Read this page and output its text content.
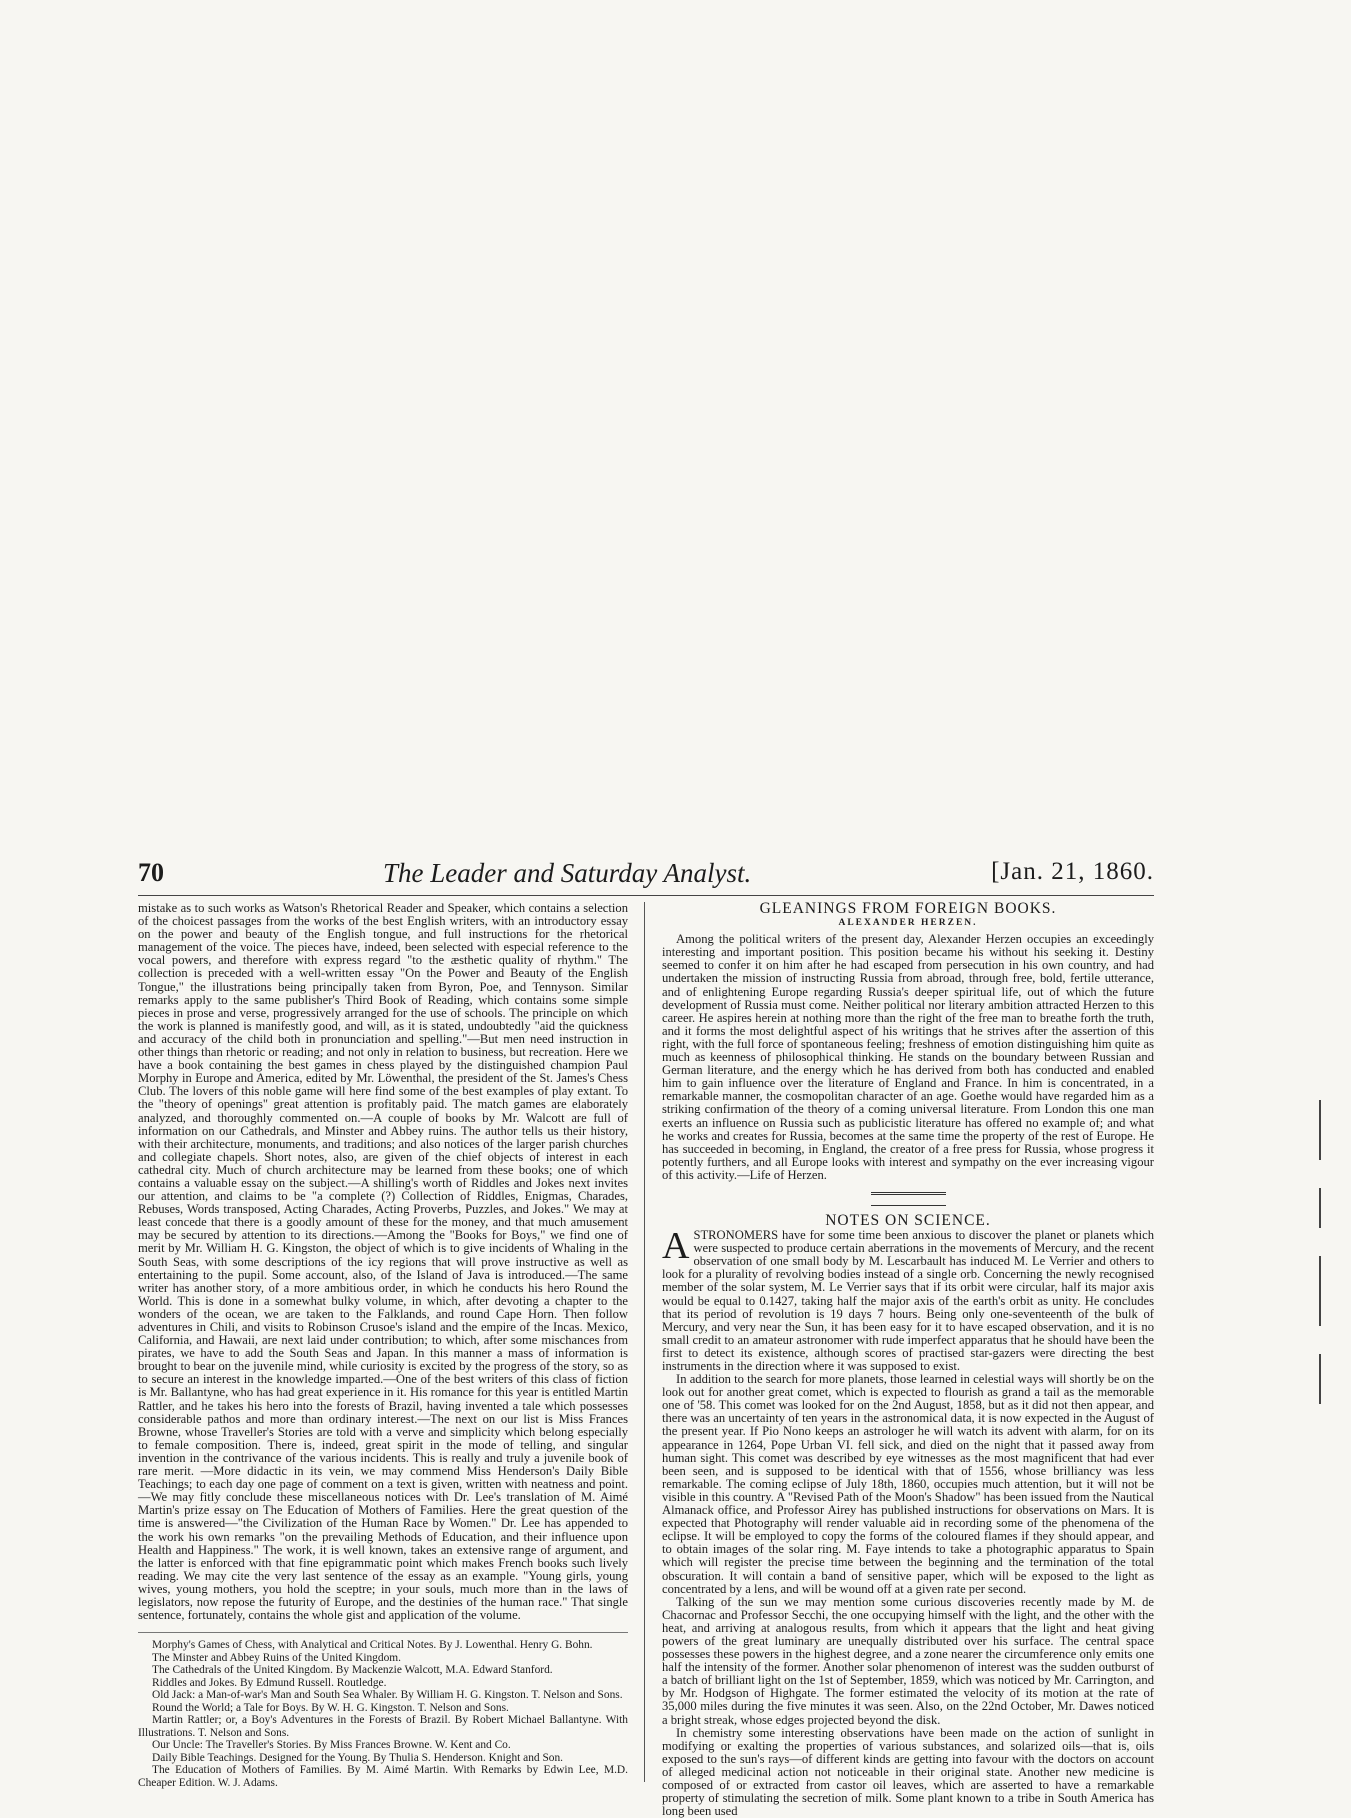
70	The Leader and Saturday Analyst.	[Jan. 21, 1860.

mistake as to such works as Watson's Rhetorical Reader and Speaker, which contains a selection of the choicest passages from the works of the best English writers, with an introductory essay on the power and beauty of the English tongue, and full instructions for the rhetorical management of the voice. The pieces have, indeed, been selected with especial reference to the vocal powers, and therefore with express regard "to the æsthetic quality of rhythm." The collection is preceded with a well-written essay "On the Power and Beauty of the English Tongue," the illustrations being principally taken from Byron, Poe, and Tennyson. Similar remarks apply to the same publisher's Third Book of Reading, which contains some simple pieces in prose and verse, progressively arranged for the use of schools. The principle on which the work is planned is manifestly good, and will, as it is stated, undoubtedly "aid the quickness and accuracy of the child both in pronunciation and spelling."—But men need instruction in other things than rhetoric or reading; and not only in relation to business, but recreation. Here we have a book containing the best games in chess played by the distinguished champion Paul Morphy in Europe and America, edited by Mr. Löwenthal, the president of the St. James's Chess Club. The lovers of this noble game will here find some of the best examples of play extant. To the "theory of openings" great attention is profitably paid. The match games are elaborately analyzed, and thoroughly commented on.—A couple of books by Mr. Walcott are full of information on our Cathedrals, and Minster and Abbey ruins. The author tells us their history, with their architecture, monuments, and traditions; and also notices of the larger parish churches and collegiate chapels. Short notes, also, are given of the chief objects of interest in each cathedral city. Much of church architecture may be learned from these books; one of which contains a valuable essay on the subject.—A shilling's worth of Riddles and Jokes next invites our attention, and claims to be "a complete (?) Collection of Riddles, Enigmas, Charades, Rebuses, Words transposed, Acting Charades, Acting Proverbs, Puzzles, and Jokes." We may at least concede that there is a goodly amount of these for the money, and that much amusement may be secured by attention to its directions.—Among the "Books for Boys," we find one of merit by Mr. William H. G. Kingston, the object of which is to give incidents of Whaling in the South Seas, with some descriptions of the icy regions that will prove instructive as well as entertaining to the pupil. Some account, also, of the Island of Java is introduced.—The same writer has another story, of a more ambitious order, in which he conducts his hero Round the World. This is done in a somewhat bulky volume, in which, after devoting a chapter to the wonders of the ocean, we are taken to the Falklands, and round Cape Horn. Then follow adventures in Chili, and visits to Robinson Crusoe's island and the empire of the Incas. Mexico, California, and Hawaii, are next laid under contribution; to which, after some mischances from pirates, we have to add the South Seas and Japan. In this manner a mass of information is brought to bear on the juvenile mind, while curiosity is excited by the progress of the story, so as to secure an interest in the knowledge imparted.—One of the best writers of this class of fiction is Mr. Ballantyne, who has had great experience in it. His romance for this year is entitled Martin Rattler, and he takes his hero into the forests of Brazil, having invented a tale which possesses considerable pathos and more than ordinary interest.—The next on our list is Miss Frances Browne, whose Traveller's Stories are told with a verve and simplicity which belong especially to female composition. There is, indeed, great spirit in the mode of telling, and singular invention in the contrivance of the various incidents. This is really and truly a juvenile book of rare merit. —More didactic in its vein, we may commend Miss Henderson's Daily Bible Teachings; to each day one page of comment on a text is given, written with neatness and point.—We may fitly conclude these miscellaneous notices with Dr. Lee's translation of M. Aimé Martin's prize essay on The Education of Mothers of Families. Here the great question of the time is answered—"the Civilization of the Human Race by Women." Dr. Lee has appended to the work his own remarks "on the prevailing Methods of Education, and their influence upon Health and Happiness." The work, it is well known, takes an extensive range of argument, and the latter is enforced with that fine epigrammatic point which makes French books such lively reading. We may cite the very last sentence of the essay as an example. "Young girls, young wives, young mothers, you hold the sceptre; in your souls, much more than in the laws of legislators, now repose the futurity of Europe, and the destinies of the human race." That single sentence, fortunately, contains the whole gist and application of the volume.

Morphy's Games of Chess, with Analytical and Critical Notes. By J. Lowenthal. Henry G. Bohn.
The Minster and Abbey Ruins of the United Kingdom.
The Cathedrals of the United Kingdom. By Mackenzie Walcott, M.A. Edward Stanford.
Riddles and Jokes. By Edmund Russell. Routledge.
Old Jack: a Man-of-war's Man and South Sea Whaler. By William H. G. Kingston. T. Nelson and Sons.
Round the World; a Tale for Boys. By W. H. G. Kingston. T. Nelson and Sons.
Martin Rattler; or, a Boy's Adventures in the Forests of Brazil. By Robert Michael Ballantyne. With Illustrations. T. Nelson and Sons.
Our Uncle: The Traveller's Stories. By Miss Frances Browne. W. Kent and Co.
Daily Bible Teachings. Designed for the Young. By Thulia S. Henderson. Knight and Son.
The Education of Mothers of Families. By M. Aimé Martin. With Remarks by Edwin Lee, M.D. Cheaper Edition. W. J. Adams.
GLEANINGS FROM FOREIGN BOOKS.
ALEXANDER HERZEN.

Among the political writers of the present day, Alexander Herzen occupies an exceedingly interesting and important position. This position became his without his seeking it. Destiny seemed to confer it on him after he had escaped from persecution in his own country, and had undertaken the mission of instructing Russia from abroad, through free, bold, fertile utterance, and of enlightening Europe regarding Russia's deeper spiritual life, out of which the future development of Russia must come. Neither political nor literary ambition attracted Herzen to this career. He aspires herein at nothing more than the right of the free man to breathe forth the truth, and it forms the most delightful aspect of his writings that he strives after the assertion of this right, with the full force of spontaneous feeling; freshness of emotion distinguishing him quite as much as keenness of philosophical thinking. He stands on the boundary between Russian and German literature, and the energy which he has derived from both has conducted and enabled him to gain influence over the literature of England and France. In him is concentrated, in a remarkable manner, the cosmopolitan character of an age. Goethe would have regarded him as a striking confirmation of the theory of a coming universal literature. From London this one man exerts an influence on Russia such as publicistic literature has offered no example of; and what he works and creates for Russia, becomes at the same time the property of the rest of Europe. He has succeeded in becoming, in England, the creator of a free press for Russia, whose progress it potently furthers, and all Europe looks with interest and sympathy on the ever increasing vigour of this activity.—Life of Herzen.

NOTES ON SCIENCE.

ASTRONOMERS have for some time been anxious to discover the planet or planets which were suspected to produce certain aberrations in the movements of Mercury, and the recent observation of one small body by M. Lescarbault has induced M. Le Verrier and others to look for a plurality of revolving bodies instead of a single orb. Concerning the newly recognised member of the solar system, M. Le Verrier says that if its orbit were circular, half its major axis would be equal to 0.1427, taking half the major axis of the earth's orbit as unity. He concludes that its period of revolution is 19 days 7 hours. Being only one-seventeenth of the bulk of Mercury, and very near the Sun, it has been easy for it to have escaped observation, and it is no small credit to an amateur astronomer with rude imperfect apparatus that he should have been the first to detect its existence, although scores of practised star-gazers were directing the best instruments in the direction where it was supposed to exist.

In addition to the search for more planets, those learned in celestial ways will shortly be on the look out for another great comet, which is expected to flourish as grand a tail as the memorable one of '58. This comet was looked for on the 2nd August, 1858, but as it did not then appear, and there was an uncertainty of ten years in the astronomical data, it is now expected in the August of the present year. If Pio Nono keeps an astrologer he will watch its advent with alarm, for on its appearance in 1264, Pope Urban VI. fell sick, and died on the night that it passed away from human sight. This comet was described by eye witnesses as the most magnificent that had ever been seen, and is supposed to be identical with that of 1556, whose brilliancy was less remarkable. The coming eclipse of July 18th, 1860, occupies much attention, but it will not be visible in this country. A "Revised Path of the Moon's Shadow" has been issued from the Nautical Almanack office, and Professor Airey has published instructions for observations on Mars. It is expected that Photography will render valuable aid in recording some of the phenomena of the eclipse. It will be employed to copy the forms of the coloured flames if they should appear, and to obtain images of the solar ring. M. Faye intends to take a photographic apparatus to Spain which will register the precise time between the beginning and the termination of the total obscuration. It will contain a band of sensitive paper, which will be exposed to the light as concentrated by a lens, and will be wound off at a given rate per second.

Talking of the sun we may mention some curious discoveries recently made by M. de Chacornac and Professor Secchi, the one occupying himself with the light, and the other with the heat, and arriving at analogous results, from which it appears that the light and heat giving powers of the great luminary are unequally distributed over his surface. The central space possesses these powers in the highest degree, and a zone nearer the circumference only emits one half the intensity of the former. Another solar phenomenon of interest was the sudden outburst of a batch of brilliant light on the 1st of September, 1859, which was noticed by Mr. Carrington, and by Mr. Hodgson of Highgate. The former estimated the velocity of its motion at the rate of 35,000 miles during the five minutes it was seen. Also, on the 22nd October, Mr. Dawes noticed a bright streak, whose edges projected beyond the disk.

In chemistry some interesting observations have been made on the action of sunlight in modifying or exalting the properties of various substances, and solarized oils—that is, oils exposed to the sun's rays—of different kinds are getting into favour with the doctors on account of alleged medicinal action not noticeable in their original state. Another new medicine is composed of or extracted from castor oil leaves, which are asserted to have a remarkable property of stimulating the secretion of milk. Some plant known to a tribe in South America has long been used
